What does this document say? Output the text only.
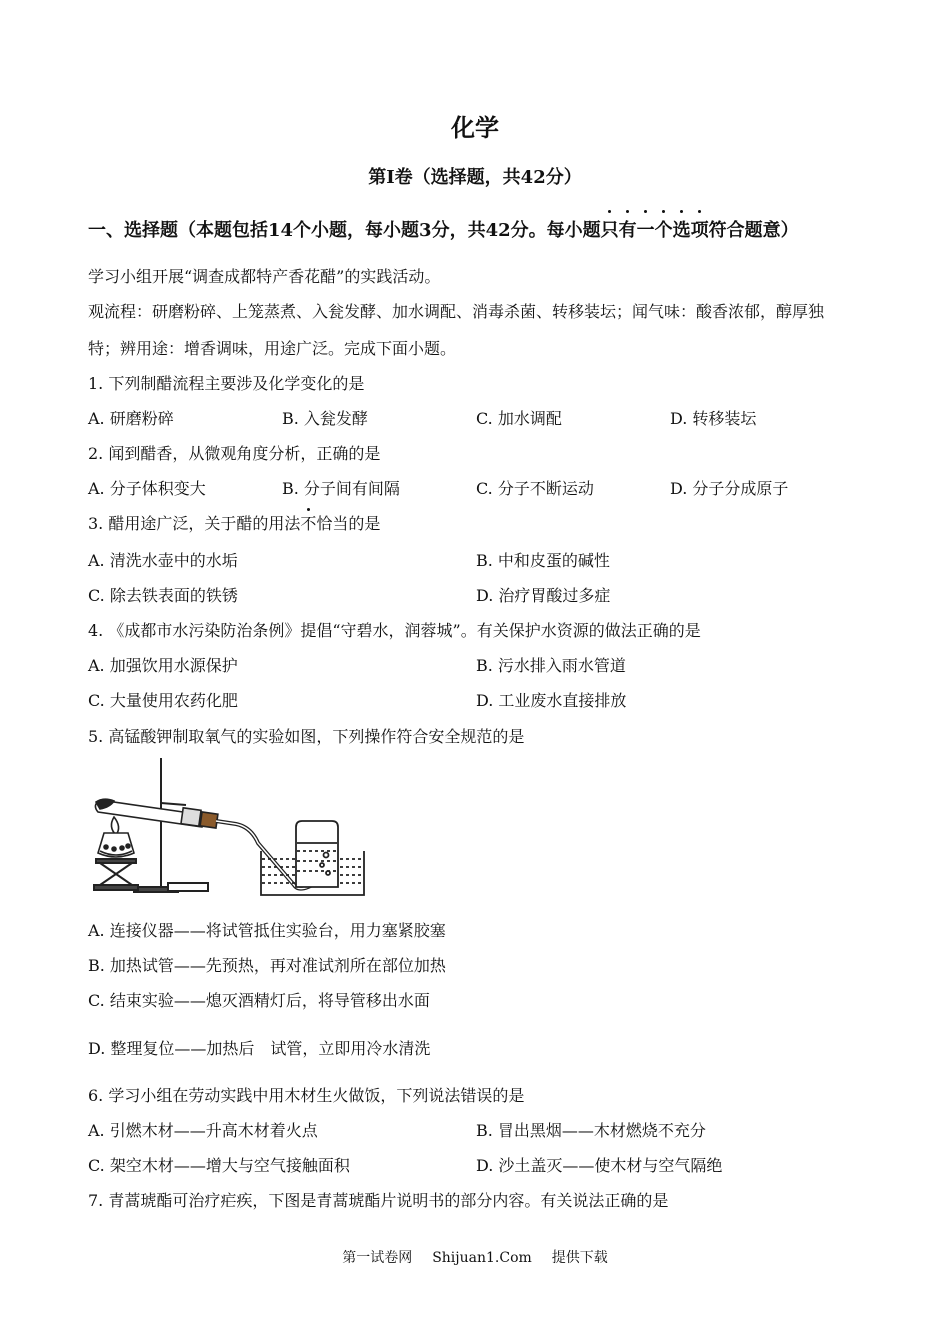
化学
第Ⅰ卷（选择题，共42分）
一、选择题（本题包括14个小题，每小题3分，共42分。每小题只有一个选项符合题意）
学习小组开展“调查成都特产香花醋”的实践活动。
观流程：研磨粉碎、上笼蒸煮、入瓮发酵、加水调配、消毒杀菌、转移装坛；闻气味：酸香浓郁，醇厚独
特；辨用途：增香调味，用途广泛。完成下面小题。
1. 下列制醋流程主要涉及化学变化的是
A. 研磨粉碎	B. 入瓮发酵	C. 加水调配	D. 转移装坛
2. 闻到醋香，从微观角度分析，正确的是
A. 分子体积变大	B. 分子间有间隔	C. 分子不断运动	D. 分子分成原子
3. 醋用途广泛，关于醋的用法不恰当的是
A. 清洗水壶中的水垢	B. 中和皮蛋的碱性
C. 除去铁表面的铁锈	D. 治疗胃酸过多症
4. 《成都市水污染防治条例》提倡“守碧水，润蓉城”。有关保护水资源的做法正确的是
A. 加强饮用水源保护	B. 污水排入雨水管道
C. 大量使用农药化肥	D. 工业废水直接排放
5. 高锰酸钾制取氧气的实验如图，下列操作符合安全规范的是
A. 连接仪器——将试管抵住实验台，用力塞紧胶塞
B. 加热试管——先预热，再对准试剂所在部位加热
C. 结束实验——熄灭酒精灯后，将导管移出水面
D. 整理复位——加热后　试管，立即用冷水清洗
6. 学习小组在劳动实践中用木材生火做饭，下列说法错误的是
A. 引燃木材——升高木材着火点	B. 冒出黑烟——木材燃烧不充分
C. 架空木材——增大与空气接触面积	D. 沙土盖灭——使木材与空气隔绝
7. 青蒿琥酯可治疗疟疾，下图是青蒿琥酯片说明书的部分内容。有关说法正确的是
第一试卷网 Shijuan1.Com 提供下载
